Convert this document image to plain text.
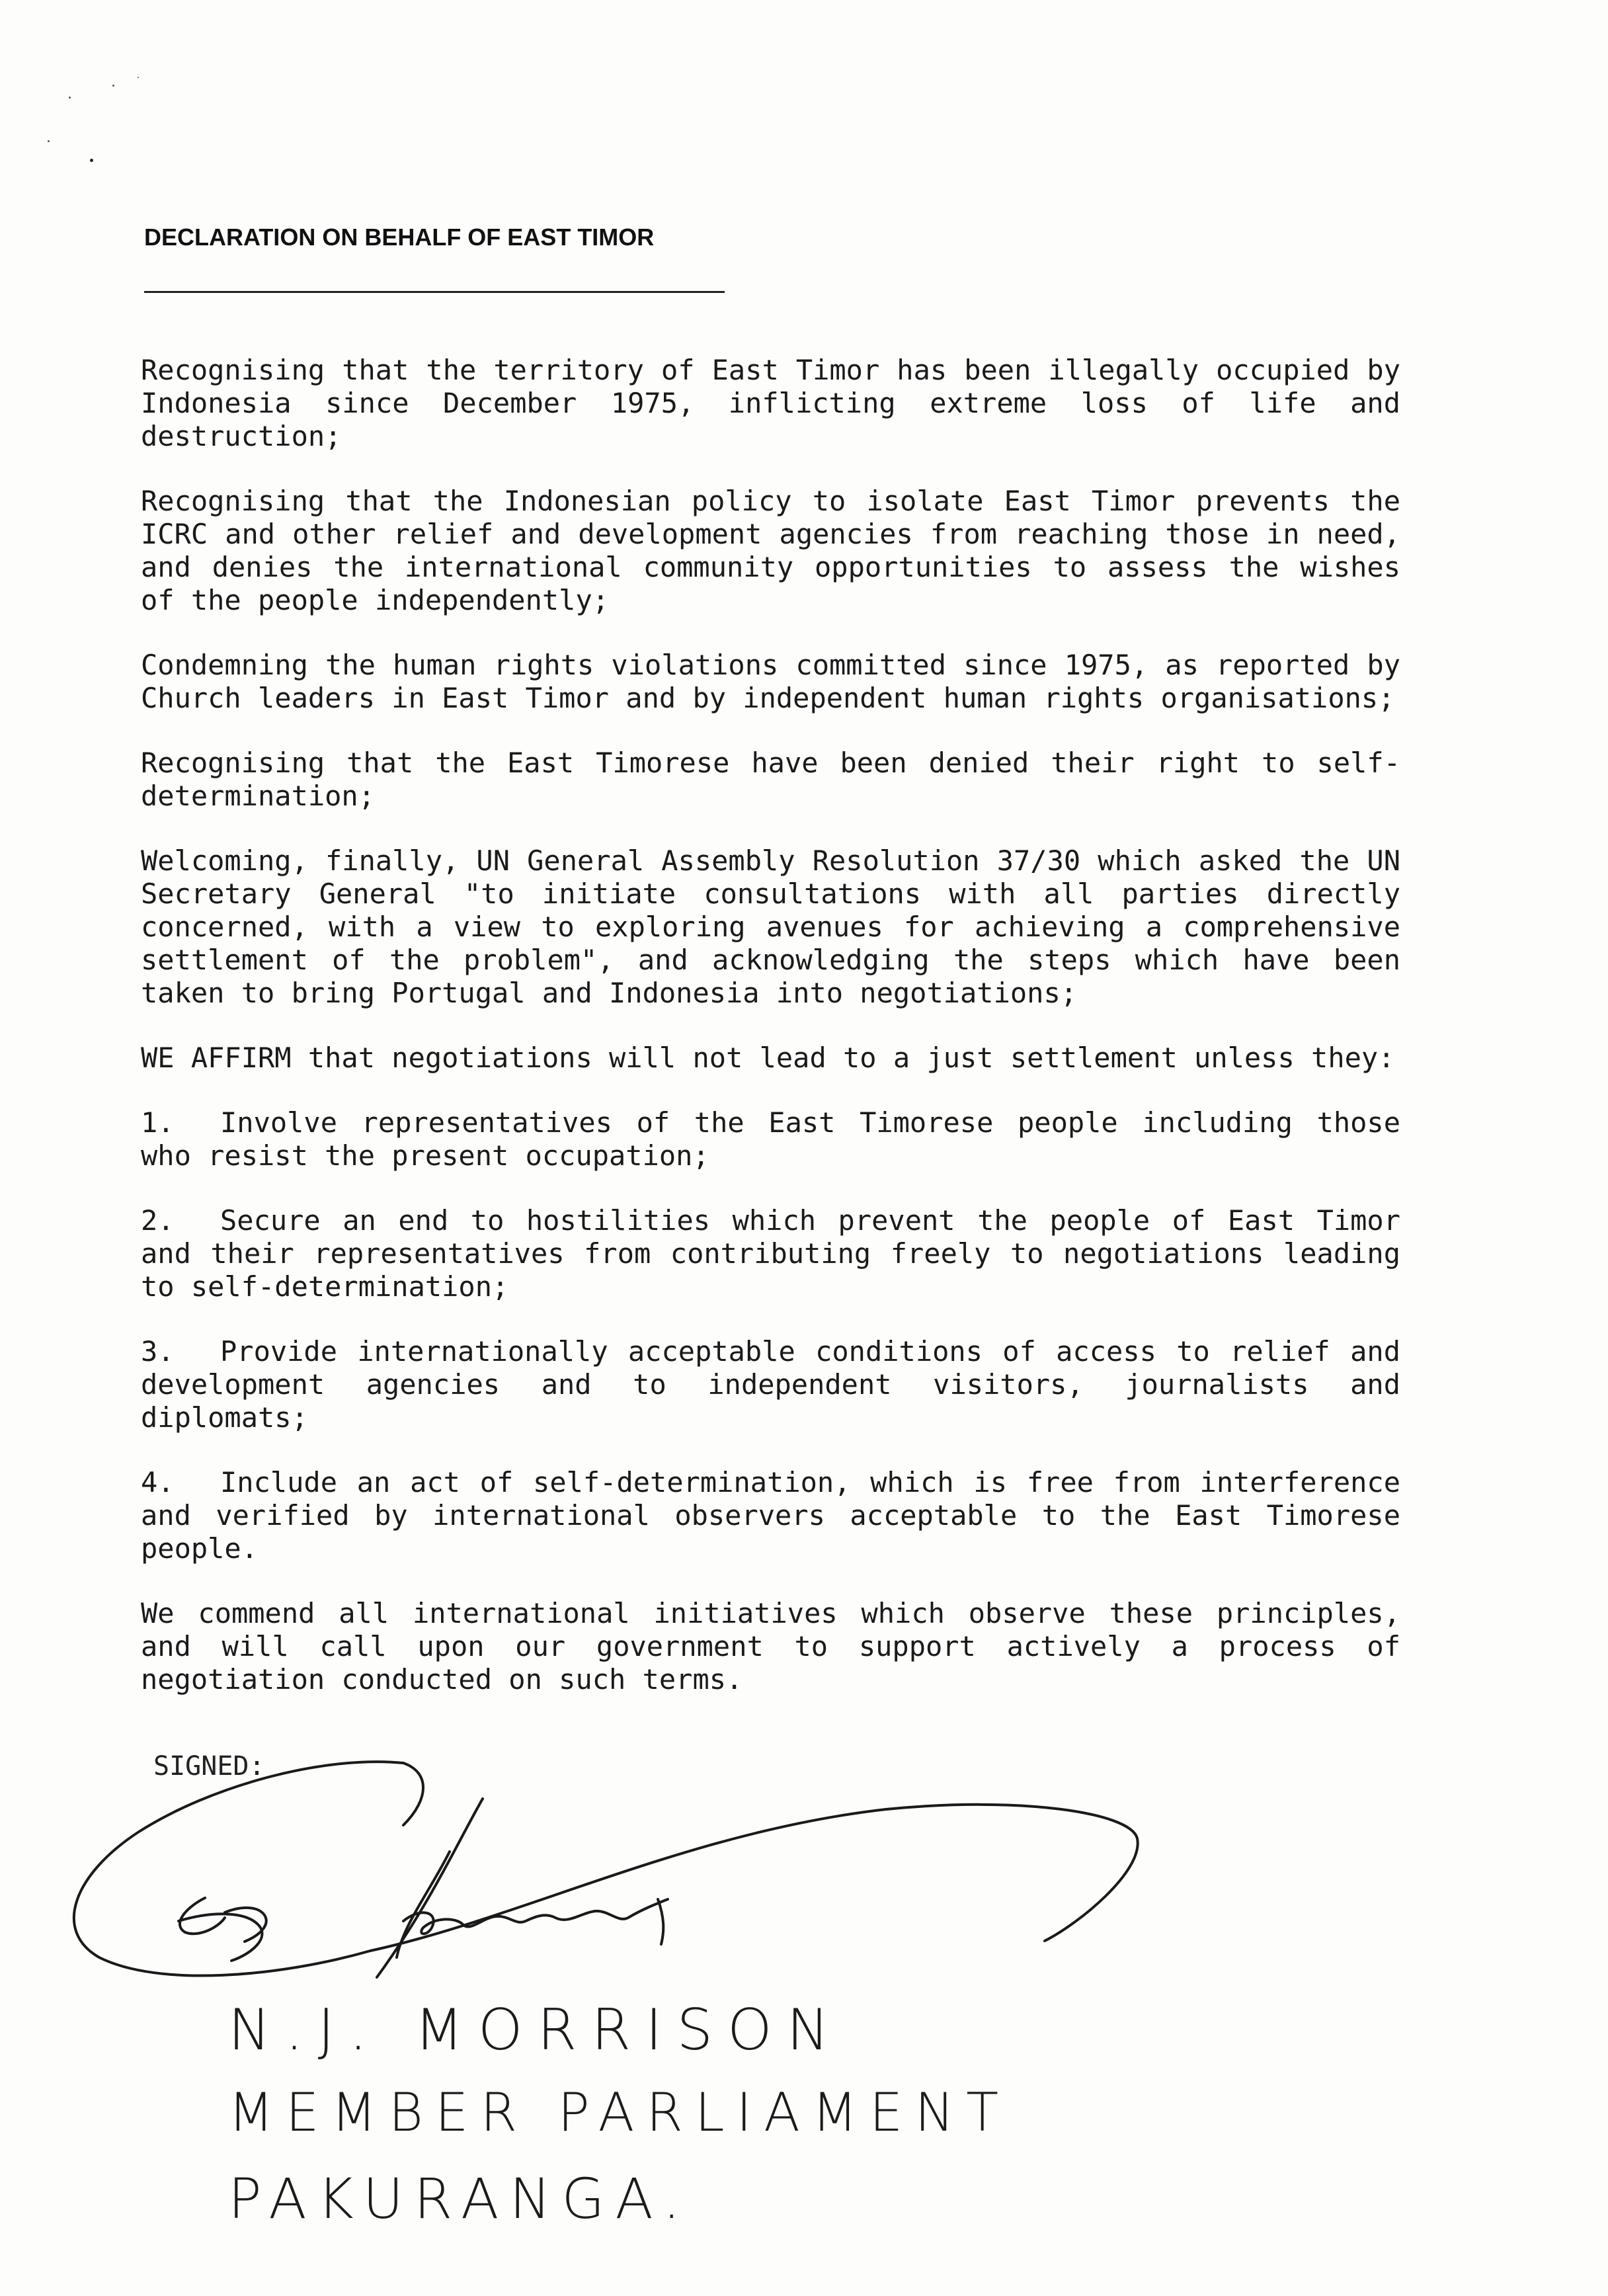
DECLARATION ON BEHALF OF EAST TIMOR

Recognising that the territory of East Timor has been illegally occupied by Indonesia since December 1975, inflicting extreme loss of life and destruction;

Recognising that the Indonesian policy to isolate East Timor prevents the ICRC and other relief and development agencies from reaching those in need, and denies the international community opportunities to assess the wishes of the people independently;

Condemning the human rights violations committed since 1975, as reported by Church leaders in East Timor and by independent human rights organisations;

Recognising that the East Timorese have been denied their right to self-determination;

Welcoming, finally, UN General Assembly Resolution 37/30 which asked the UN Secretary General "to initiate consultations with all parties directly concerned, with a view to exploring avenues for achieving a comprehensive settlement of the problem", and acknowledging the steps which have been taken to bring Portugal and Indonesia into negotiations;

WE AFFIRM that negotiations will not lead to a just settlement unless they:

1. Involve representatives of the East Timorese people including those who resist the present occupation;

2. Secure an end to hostilities which prevent the people of East Timor and their representatives from contributing freely to negotiations leading to self-determination;

3. Provide internationally acceptable conditions of access to relief and development agencies and to independent visitors, journalists and diplomats;

4. Include an act of self-determination, which is free from interference and verified by international observers acceptable to the East Timorese people.

We commend all international initiatives which observe these principles, and will call upon our government to support actively a process of negotiation conducted on such terms.

SIGNED:
N.J. MORRISON
MEMBER PARLIAMENT
PAKURANGA.
